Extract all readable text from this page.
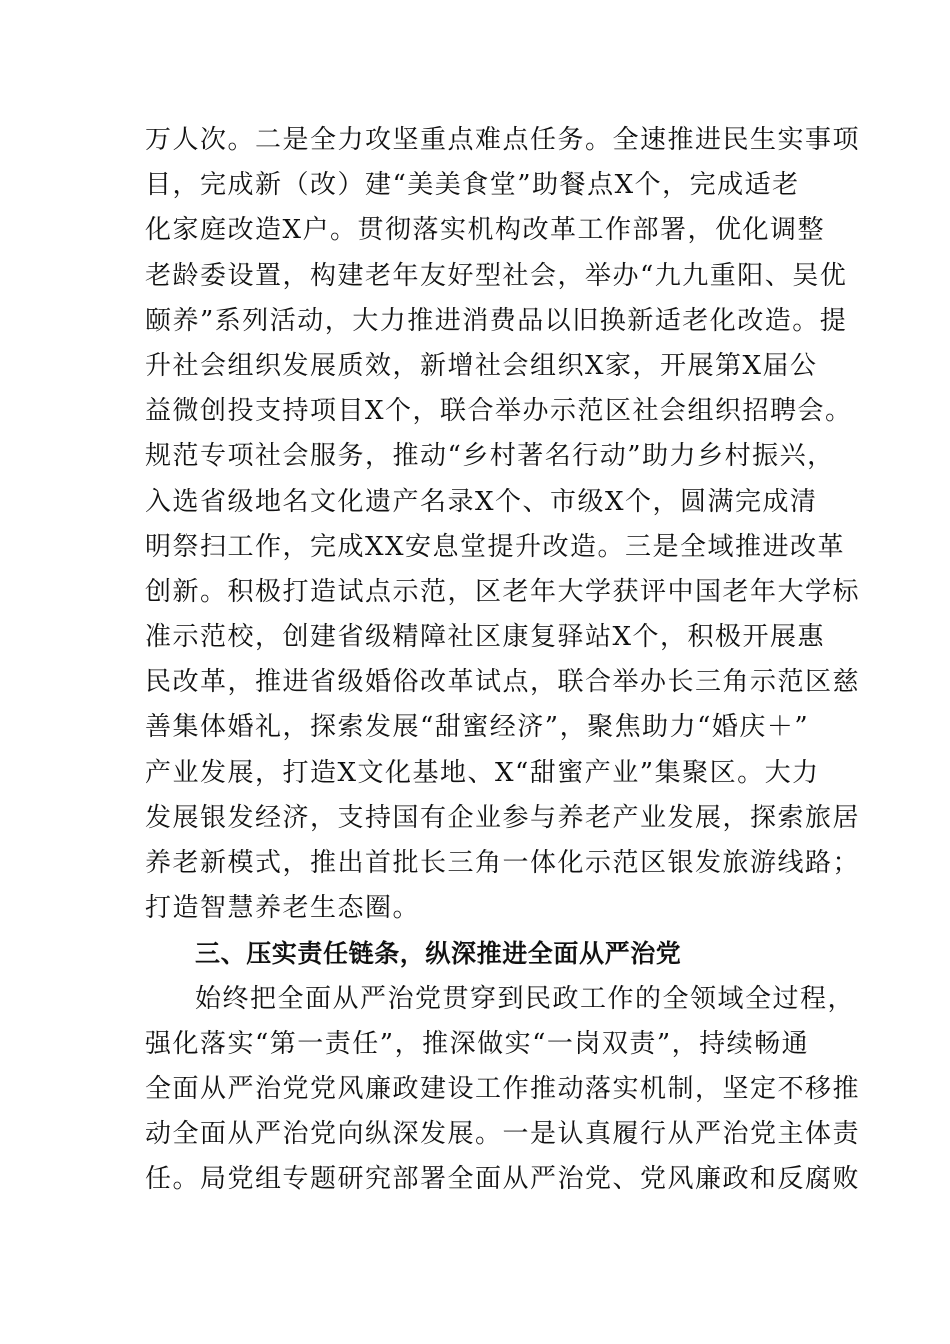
万人次。二是全力攻坚重点难点任务。全速推进民生实事项
目，完成新（改）建“美美食堂”助餐点X个，完成适老
化家庭改造X户。贯彻落实机构改革工作部署，优化调整
老龄委设置，构建老年友好型社会，举办“九九重阳、吴优
颐养”系列活动，大力推进消费品以旧换新适老化改造。提
升社会组织发展质效，新增社会组织X家，开展第X届公
益微创投支持项目X个，联合举办示范区社会组织招聘会。
规范专项社会服务，推动“乡村著名行动”助力乡村振兴，
入选省级地名文化遗产名录X个、市级X个，圆满完成清
明祭扫工作，完成XX安息堂提升改造。三是全域推进改革
创新。积极打造试点示范，区老年大学获评中国老年大学标
准示范校，创建省级精障社区康复驿站X个，积极开展惠
民改革，推进省级婚俗改革试点，联合举办长三角示范区慈
善集体婚礼，探索发展“甜蜜经济”，聚焦助力“婚庆＋”
产业发展，打造X文化基地、X“甜蜜产业”集聚区。大力
发展银发经济，支持国有企业参与养老产业发展，探索旅居
养老新模式，推出首批长三角一体化示范区银发旅游线路；
打造智慧养老生态圈。
三、压实责任链条，纵深推进全面从严治党
始终把全面从严治党贯穿到民政工作的全领域全过程，
强化落实“第一责任”，推深做实“一岗双责”，持续畅通
全面从严治党党风廉政建设工作推动落实机制，坚定不移推
动全面从严治党向纵深发展。一是认真履行从严治党主体责
任。局党组专题研究部署全面从严治党、党风廉政和反腐败
